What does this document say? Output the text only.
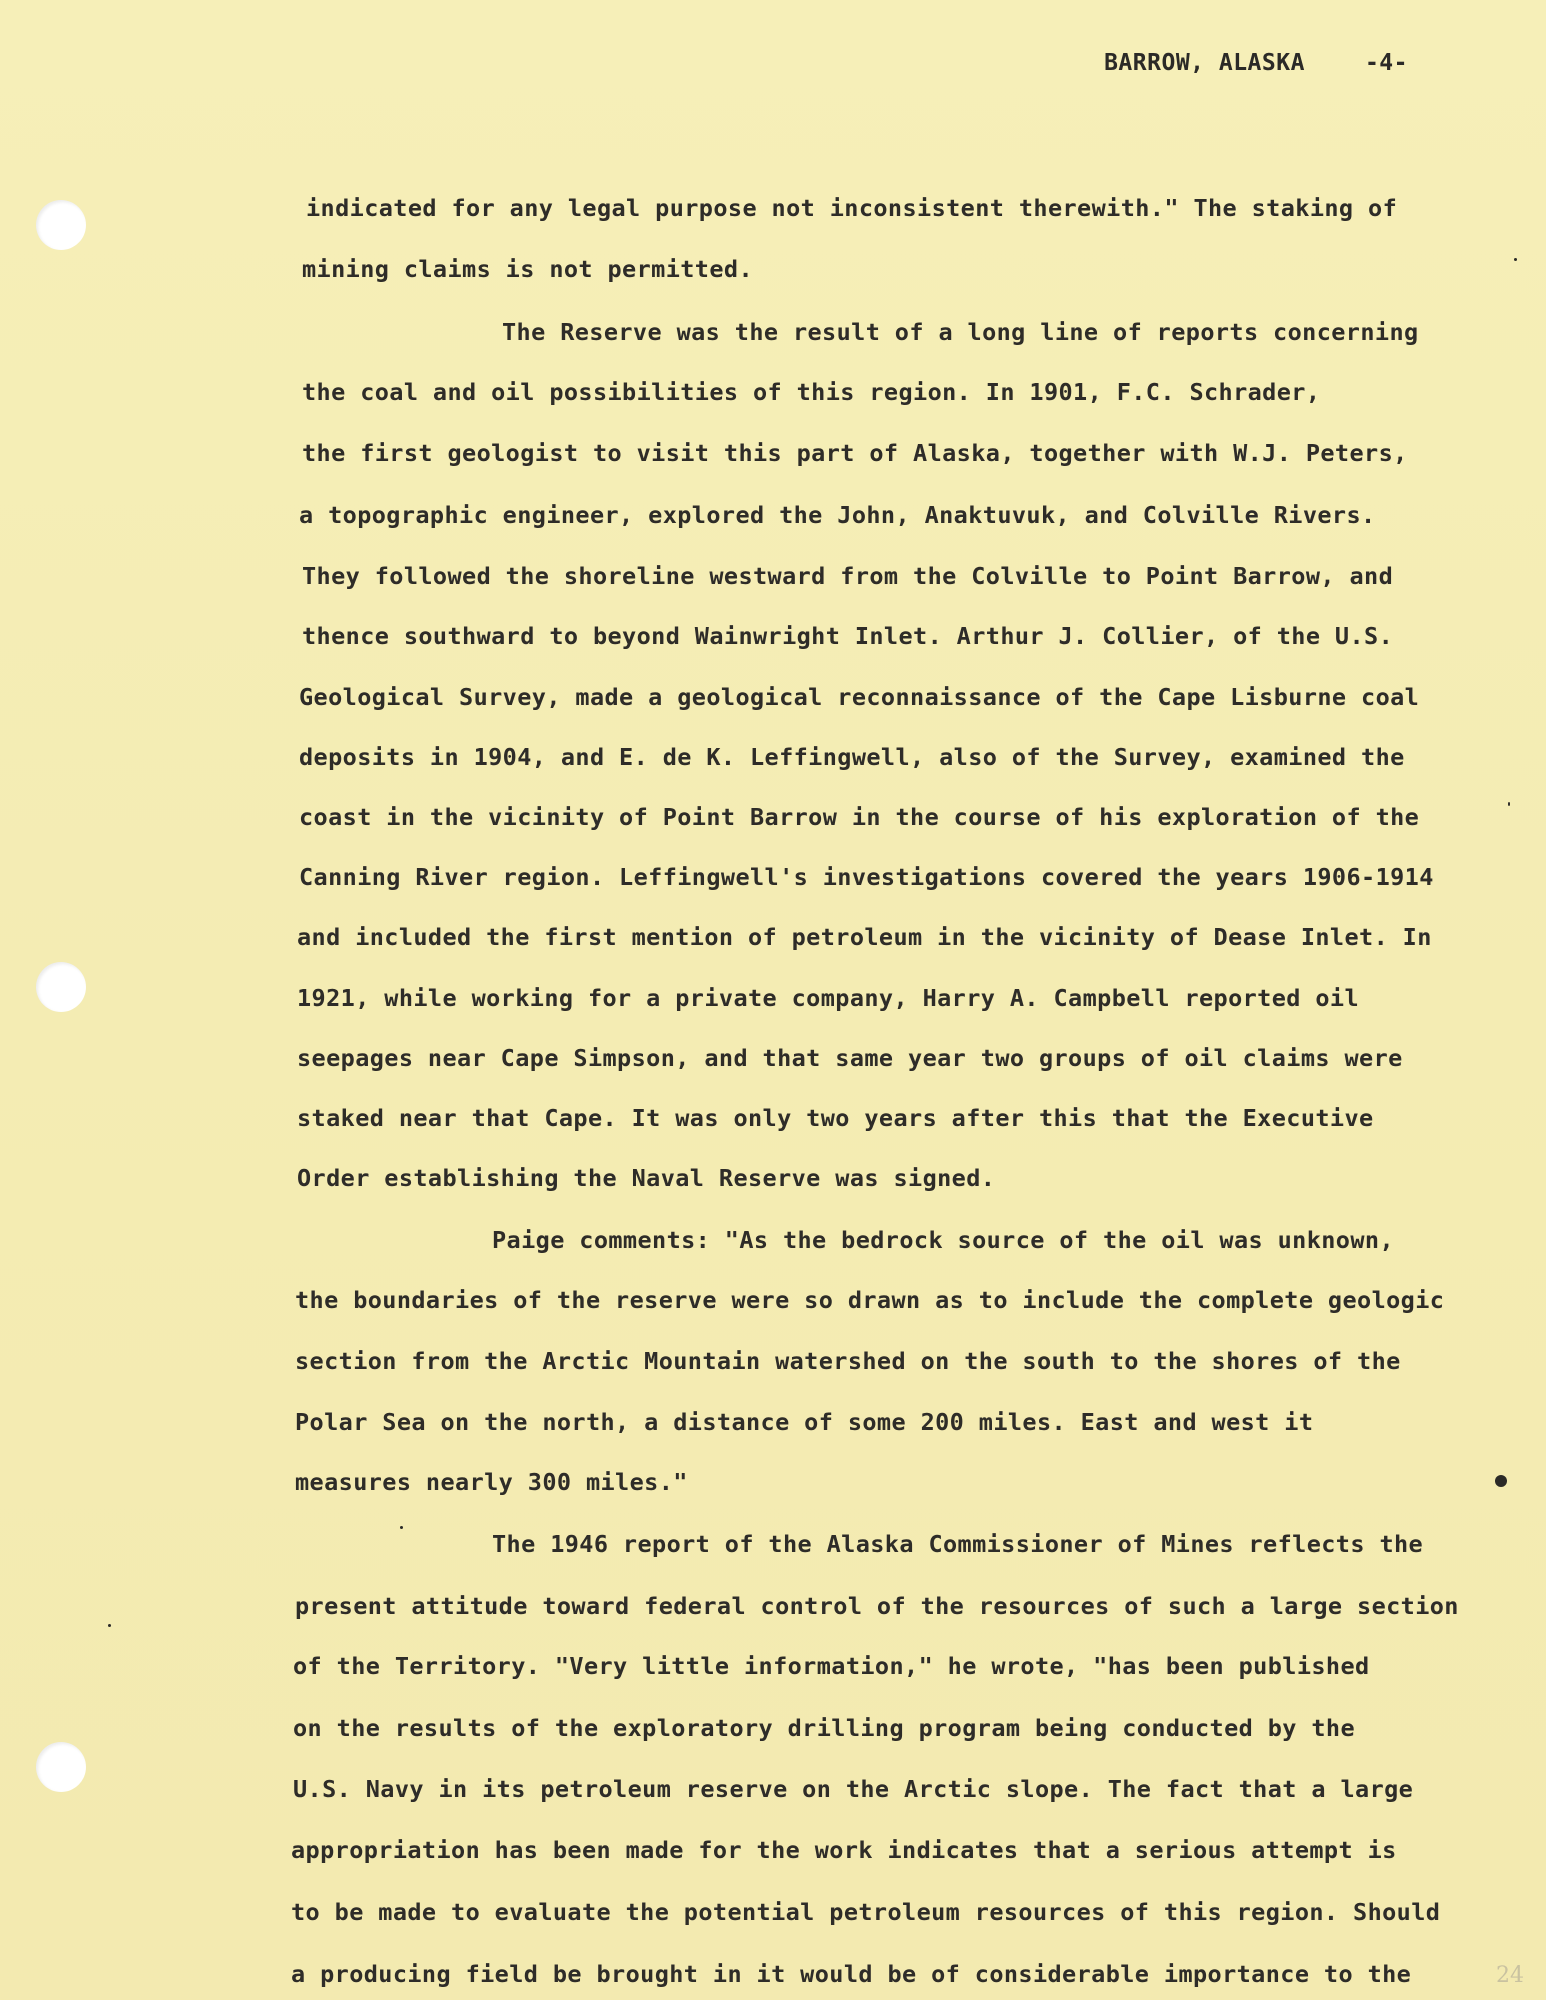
BARROW, ALASKA	-4-
indicated for any legal purpose not inconsistent therewith." The staking of
mining claims is not permitted.
The Reserve was the result of a long line of reports concerning
the coal and oil possibilities of this region. In 1901, F.C. Schrader,
the first geologist to visit this part of Alaska, together with W.J. Peters,
a topographic engineer, explored the John, Anaktuvuk, and Colville Rivers.
They followed the shoreline westward from the Colville to Point Barrow, and
thence southward to beyond Wainwright Inlet. Arthur J. Collier, of the U.S.
Geological Survey, made a geological reconnaissance of the Cape Lisburne coal
deposits in 1904, and E. de K. Leffingwell, also of the Survey, examined the
coast in the vicinity of Point Barrow in the course of his exploration of the
Canning River region. Leffingwell's investigations covered the years 1906-1914
and included the first mention of petroleum in the vicinity of Dease Inlet. In
1921, while working for a private company, Harry A. Campbell reported oil
seepages near Cape Simpson, and that same year two groups of oil claims were
staked near that Cape. It was only two years after this that the Executive
Order establishing the Naval Reserve was signed.
Paige comments: "As the bedrock source of the oil was unknown,
the boundaries of the reserve were so drawn as to include the complete geologic
section from the Arctic Mountain watershed on the south to the shores of the
Polar Sea on the north, a distance of some 200 miles. East and west it
measures nearly 300 miles."
The 1946 report of the Alaska Commissioner of Mines reflects the
present attitude toward federal control of the resources of such a large section
of the Territory. "Very little information," he wrote, "has been published
on the results of the exploratory drilling program being conducted by the
U.S. Navy in its petroleum reserve on the Arctic slope. The fact that a large
appropriation has been made for the work indicates that a serious attempt is
to be made to evaluate the potential petroleum resources of this region. Should
a producing field be brought in it would be of considerable importance to the	24
